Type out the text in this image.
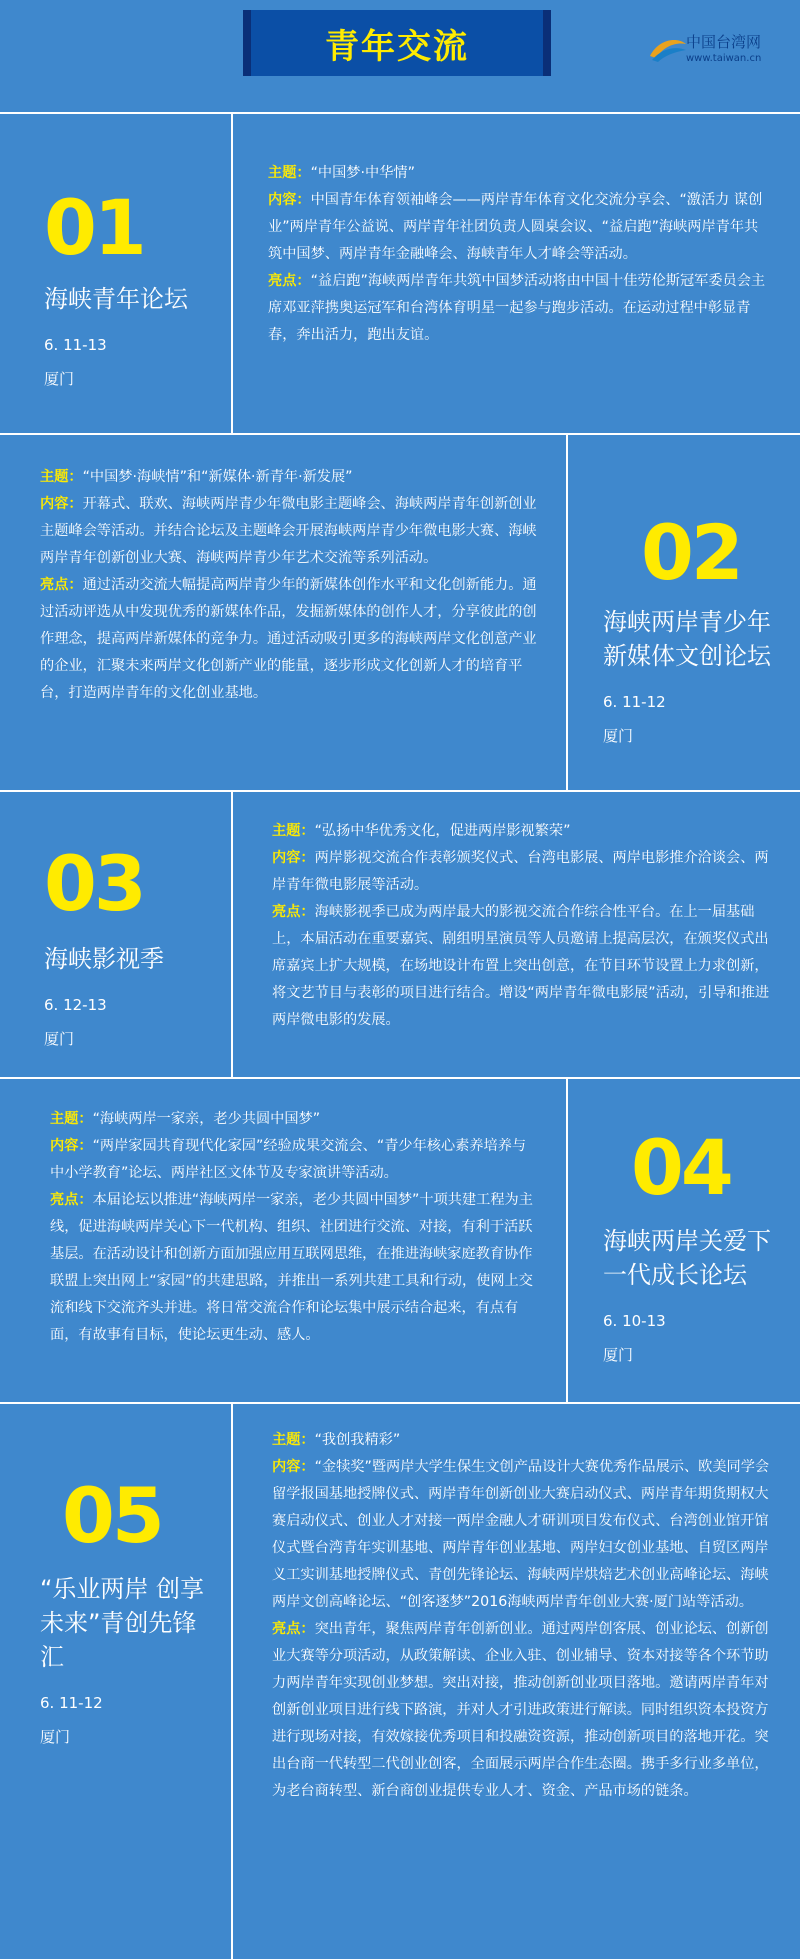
青年交流	中国台湾网
www.taiwan.cn
01
海峡青年论坛
6. 11-13
厦门

主题：“中国梦·中华情”

内容：中国青年体育领袖峰会——两岸青年体育文化交流分享会、“激活力 谋创业”两岸青年公益说、两岸青年社团负责人圆桌会议、“益启跑”海峡两岸青年共筑中国梦、两岸青年金融峰会、海峡青年人才峰会等活动。

亮点：“益启跑”海峡两岸青年共筑中国梦活动将由中国十佳劳伦斯冠军委员会主席邓亚萍携奥运冠军和台湾体育明星一起参与跑步活动。在运动过程中彰显青春，奔出活力，跑出友谊。

主题：“中国梦·海峡情”和“新媒体·新青年·新发展”

内容：开幕式、联欢、海峡两岸青少年微电影主题峰会、海峡两岸青年创新创业主题峰会等活动。并结合论坛及主题峰会开展海峡两岸青少年微电影大赛、海峡两岸青年创新创业大赛、海峡两岸青少年艺术交流等系列活动。

亮点：通过活动交流大幅提高两岸青少年的新媒体创作水平和文化创新能力。通过活动评选从中发现优秀的新媒体作品，发掘新媒体的创作人才，分享彼此的创作理念，提高两岸新媒体的竞争力。通过活动吸引更多的海峡两岸文化创意产业的企业，汇聚未来两岸文化创新产业的能量，逐步形成文化创新人才的培育平台，打造两岸青年的文化创业基地。

02
海峡两岸青少年新媒体文创论坛
6. 11-12
厦门
03
海峡影视季
6. 12-13
厦门

主题：“弘扬中华优秀文化，促进两岸影视繁荣”

内容：两岸影视交流合作表彰颁奖仪式、台湾电影展、两岸电影推介洽谈会、两岸青年微电影展等活动。

亮点：海峡影视季已成为两岸最大的影视交流合作综合性平台。在上一届基础上，本届活动在重要嘉宾、剧组明星演员等人员邀请上提高层次，在颁奖仪式出席嘉宾上扩大规模，在场地设计布置上突出创意，在节目环节设置上力求创新，将文艺节目与表彰的项目进行结合。增设“两岸青年微电影展”活动，引导和推进两岸微电影的发展。

主题：“海峡两岸一家亲，老少共圆中国梦”

内容：“两岸家园共育现代化家园”经验成果交流会、“青少年核心素养培养与中小学教育”论坛、两岸社区文体节及专家演讲等活动。

亮点：本届论坛以推进“海峡两岸一家亲，老少共圆中国梦”十项共建工程为主线，促进海峡两岸关心下一代机构、组织、社团进行交流、对接，有利于活跃基层。在活动设计和创新方面加强应用互联网思维，在推进海峡家庭教育协作联盟上突出网上“家园”的共建思路，并推出一系列共建工具和行动，使网上交流和线下交流齐头并进。将日常交流合作和论坛集中展示结合起来，有点有面，有故事有目标，使论坛更生动、感人。

04
海峡两岸关爱下一代成长论坛
6. 10-13
厦门
05
“乐业两岸 创享未来”青创先锋汇
6. 11-12
厦门

主题：“我创我精彩”

内容：“金犊奖”暨两岸大学生保生文创产品设计大赛优秀作品展示、欧美同学会留学报国基地授牌仪式、两岸青年创新创业大赛启动仪式、两岸青年期货期权大赛启动仪式、创业人才对接一两岸金融人才研训项目发布仪式、台湾创业馆开馆仪式暨台湾青年实训基地、两岸青年创业基地、两岸妇女创业基地、自贸区两岸义工实训基地授牌仪式、青创先锋论坛、海峡两岸烘焙艺术创业高峰论坛、海峡两岸文创高峰论坛、“创客逐梦”2016海峡两岸青年创业大赛·厦门站等活动。

亮点：突出青年，聚焦两岸青年创新创业。通过两岸创客展、创业论坛、创新创业大赛等分项活动，从政策解读、企业入驻、创业辅导、资本对接等各个环节助力两岸青年实现创业梦想。突出对接，推动创新创业项目落地。邀请两岸青年对创新创业项目进行线下路演，并对人才引进政策进行解读。同时组织资本投资方进行现场对接，有效嫁接优秀项目和投融资资源，推动创新项目的落地开花。突出台商一代转型二代创业创客，全面展示两岸合作生态圈。携手多行业多单位，为老台商转型、新台商创业提供专业人才、资金、产品市场的链条。
